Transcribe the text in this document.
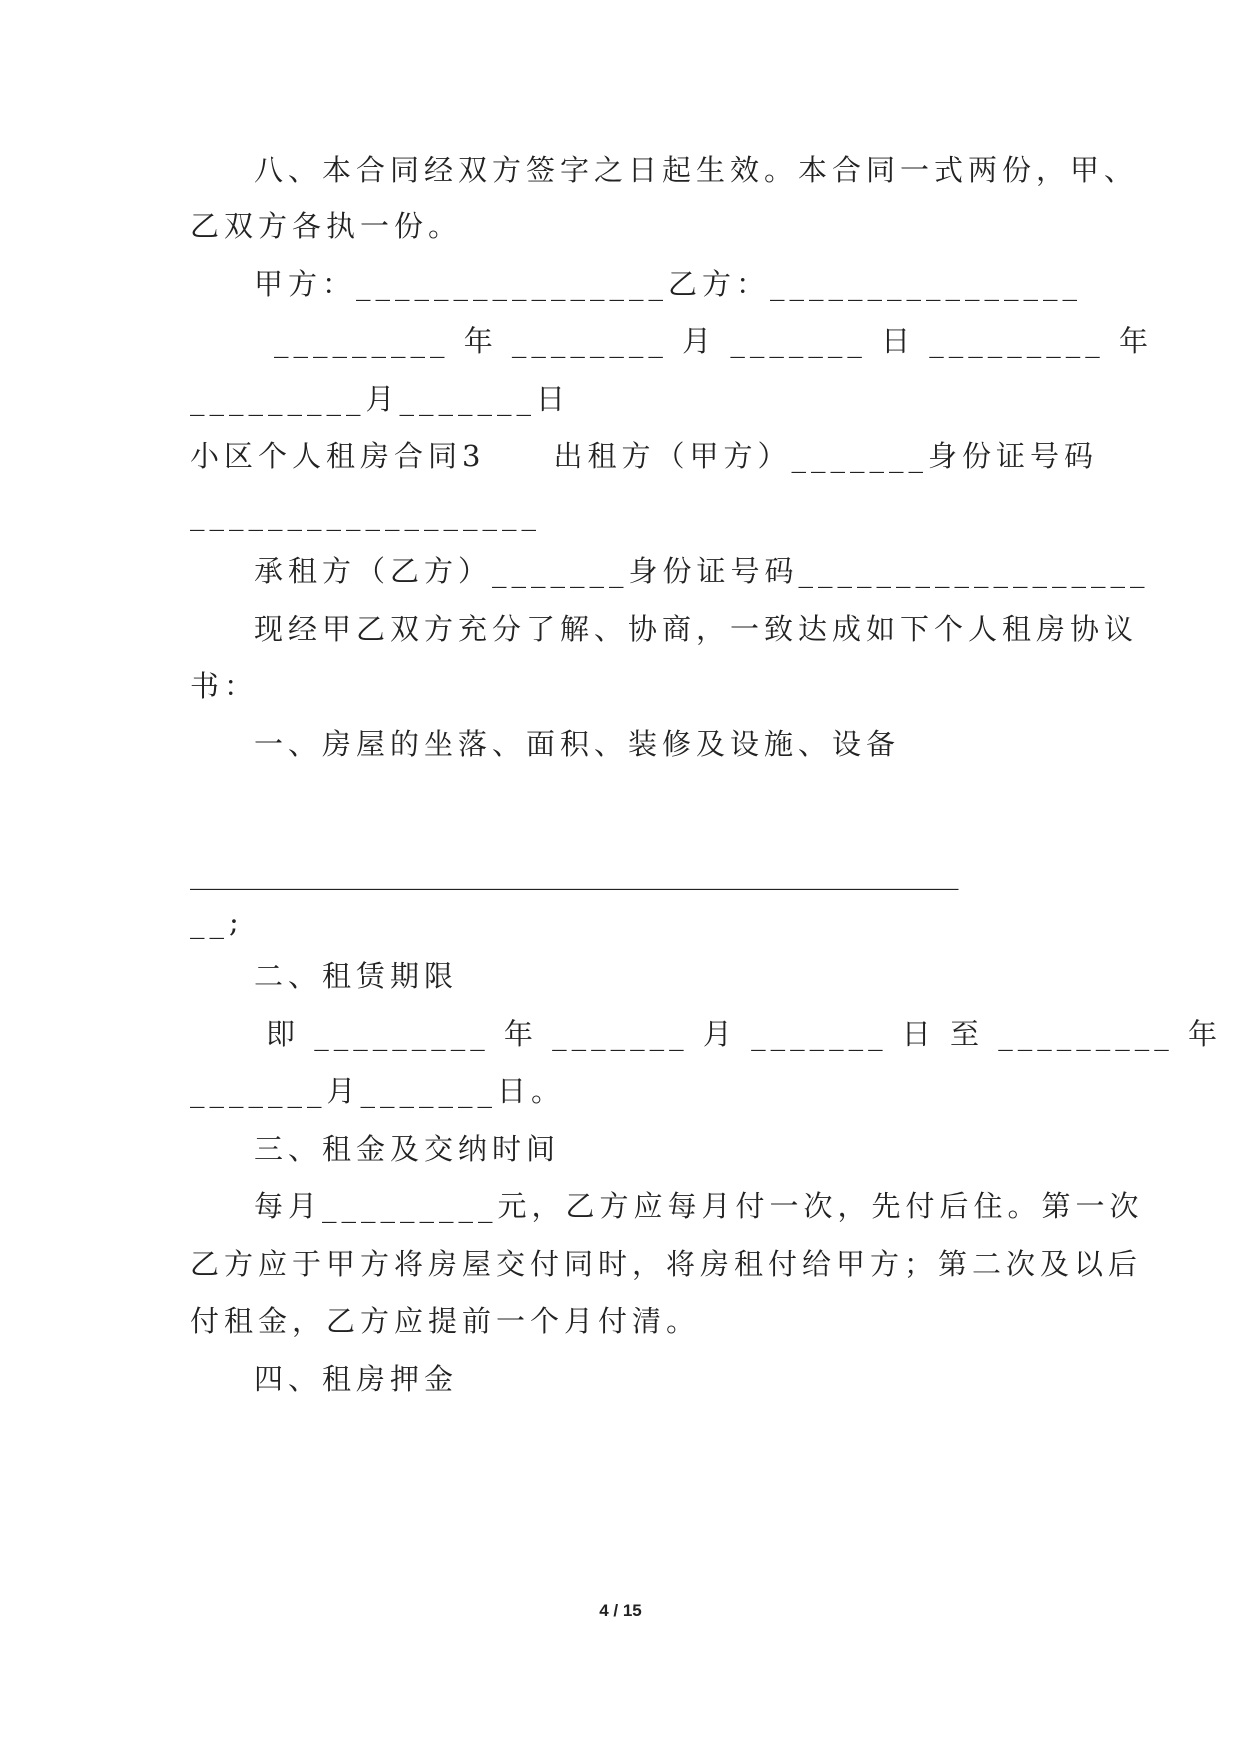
八、本合同经双方签字之日起生效。本合同一式两份，甲、
乙双方各执一份。
甲方：________________乙方：________________
_________ 年 ________ 月 _______ 日 _________ 年
_________月_______日
小区个人租房合同3　　出租方（甲方）_______身份证号码
__________________
承租方（乙方）_______身份证号码__________________
现经甲乙双方充分了解、协商，一致达成如下个人租房协议
书：
一、房屋的坐落、面积、装修及设施、设备
_____________________________________________________
__;
二、租赁期限
即 _________ 年 _______ 月 _______ 日 至 _________ 年
_______月_______日。
三、租金及交纳时间
每月_________元，乙方应每月付一次，先付后住。第一次
乙方应于甲方将房屋交付同时，将房租付给甲方；第二次及以后
付租金，乙方应提前一个月付清。
四、租房押金
4 / 15
